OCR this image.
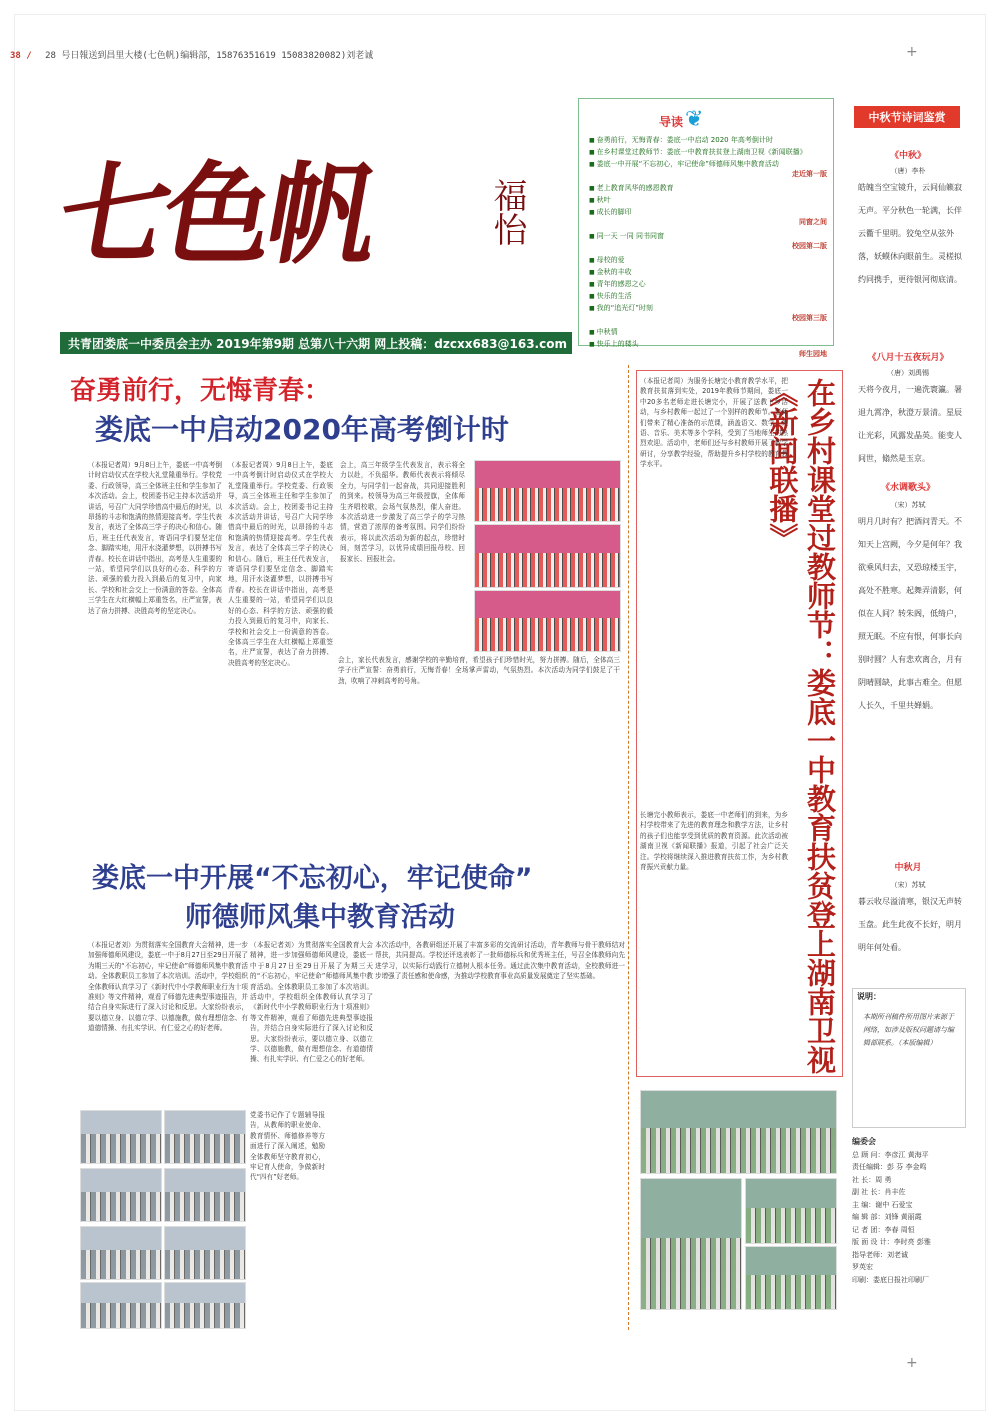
38 / 28 号日報送到昌里大楼(七色帆)编辑部，15876351619 15083820082)刘老诚	+
+
七色帆	福怡
共青团娄底一中委员会主办 2019年第9期 总第八十六期 网上投稿：dzcxx683@163.com
导读❦
■ 奋勇前行，无悔青春：娄底一中启动 2020 年高考倒计时
■ 在乡村课堂过教师节：娄底一中教育扶贫登上湖南卫视《新闻联播》
■ 娄底一中开展“不忘初心，牢记使命”师德师风集中教育活动
走近第一版
■ 老上教育风华的感恩教育
■ 秋叶
■ 成长的脚印
同窗之间
■ 同一天 一同 同书同窗
校园第二版
■ 母校的爱
■ 金秋的丰收
■ 青年的感恩之心
■ 快乐的生活
■ 我的“追光灯”时刻
校园第三版
■ 中秋情
■ 快乐上的楼头
师生园地
中秋节诗词鉴赏
《中秋》
（唐）李朴
皓魄当空宝镜升，云间仙籁寂无声。平分秋色一轮满，长伴云衢千里明。狡兔空从弦外落，妖蟆休向眼前生。灵槎拟约同携手，更待银河彻底清。
《八月十五夜玩月》
（唐）刘禹锡
天将今夜月，一遍洗寰瀛。暑退九霄净，秋澄万景清。星辰让光彩，风露发晶英。能变人间世，翛然是玉京。
《水调歌头》
（宋）苏轼
明月几时有？把酒问青天。不知天上宫阙，今夕是何年？我欲乘风归去，又恐琼楼玉宇，高处不胜寒。起舞弄清影，何似在人间？转朱阁，低绮户，照无眠。不应有恨，何事长向别时圆？人有悲欢离合，月有阴晴圆缺，此事古难全。但愿人长久，千里共婵娟。
中秋月
（宋）苏轼
暮云收尽溢清寒，银汉无声转玉盘。此生此夜不长好，明月明年何处看。
说明：
本期所刊稿件所用图片来源于网络，如涉及版权问题请与编辑部联系。（本版编辑）
编委会
总 顾 问：李彦江 黄海平
责任编辑：彭 芬 李金鸣
社 长：周 勇
副 社 长：肖丰佐
主 编：谢中 石爱宝
编 辑 部：刘锋 黄丽霞
记 者 团：李春 周恒
版 面 设 计：李时亮 彭雅
指导老师：刘老诚
罗英宏
印刷：娄底日报社印刷厂
奋勇前行，无悔青春：
娄底一中启动2020年高考倒计时
（本报记者周）9月8日上午，娄底一中高考倒计时启动仪式在学校大礼堂隆重举行。学校党委、行政领导，高三全体班主任和学生参加了本次活动。会上，校团委书记主持本次活动并讲话，号召广大同学珍惜高中最后的时光，以昂扬的斗志和饱满的热情迎接高考。学生代表发言，表达了全体高三学子的决心和信心。随后，班主任代表发言，寄语同学们要坚定信念、脚踏实地，用汗水浇灌梦想，以拼搏书写青春。校长在讲话中指出，高考是人生重要的一站，希望同学们以良好的心态、科学的方法、顽强的毅力投入到最后的复习中，向家长、学校和社会交上一份满意的答卷。全体高三学生在大红横幅上郑重签名，庄严宣誓，表达了奋力拼搏、决胜高考的坚定决心。
（本报记者周）9月8日上午，娄底一中高考倒计时启动仪式在学校大礼堂隆重举行。学校党委、行政领导，高三全体班主任和学生参加了本次活动。会上，校团委书记主持本次活动并讲话，号召广大同学珍惜高中最后的时光，以昂扬的斗志和饱满的热情迎接高考。学生代表发言，表达了全体高三学子的决心和信心。随后，班主任代表发言，寄语同学们要坚定信念、脚踏实地，用汗水浇灌梦想，以拼搏书写青春。校长在讲话中指出，高考是人生重要的一站，希望同学们以良好的心态、科学的方法、顽强的毅力投入到最后的复习中，向家长、学校和社会交上一份满意的答卷。全体高三学生在大红横幅上郑重签名，庄严宣誓，表达了奋力拼搏、决胜高考的坚定决心。
会上，高三年级学生代表发言，表示将全力以赴，不负韶华。教师代表表示将倾尽全力，与同学们一起奋战，共同迎接胜利的到来。校领导为高三年级授旗，全体师生齐唱校歌，会场气氛热烈，催人奋进。本次活动进一步激发了高三学子的学习热情，营造了浓厚的备考氛围。同学们纷纷表示，将以此次活动为新的起点，珍惜时间，刻苦学习，以优异成绩回报母校、回报家长、回报社会。
会上，家长代表发言，感谢学校的辛勤培育，希望孩子们珍惜时光，努力拼搏。随后，全体高三学子庄严宣誓：奋勇前行，无悔青春！全场掌声雷动，气氛热烈。本次活动为同学们鼓足了干劲，吹响了冲刺高考的号角。
娄底一中开展“不忘初心，牢记使命”
师德师风集中教育活动
（本报记者刘）为贯彻落实全国教育大会精神，进一步加强师德师风建设，娄底一中于8月27日至29日开展了为期三天的“不忘初心，牢记使命”师德师风集中教育活动。全体教职员工参加了本次培训。活动中，学校组织全体教师认真学习了《新时代中小学教师职业行为十项准则》等文件精神，观看了师德先进典型事迹报告，并结合自身实际进行了深入讨论和反思。大家纷纷表示，要以德立身、以德立学、以德施教，做有理想信念、有道德情操、有扎实学识、有仁爱之心的好老师。
党委书记作了专题辅导报告，从教师的职业使命、教育情怀、师德修养等方面进行了深入阐述，勉励全体教师坚守教育初心，牢记育人使命，争做新时代“四有”好老师。
（本报记者刘）为贯彻落实全国教育大会精神，进一步加强师德师风建设，娄底一中于8月27日至29日开展了为期三天的“不忘初心，牢记使命”师德师风集中教育活动。全体教职员工参加了本次培训。活动中，学校组织全体教师认真学习了《新时代中小学教师职业行为十项准则》等文件精神，观看了师德先进典型事迹报告，并结合自身实际进行了深入讨论和反思。大家纷纷表示，要以德立身、以德立学、以德施教，做有理想信念、有道德情操、有扎实学识、有仁爱之心的好老师。
本次活动中，各教研组还开展了丰富多彩的交流研讨活动，青年教师与骨干教师结对帮扶，共同提高。学校还评选表彰了一批师德标兵和优秀班主任，号召全体教师向先进学习，以实际行动践行立德树人根本任务。通过此次集中教育活动，全校教师进一步增强了责任感和使命感，为推动学校教育事业高质量发展奠定了坚实基础。	在乡村课堂过教师节：娄底一中教育扶贫登上湖南卫视《新闻联播》
（本报记者周）为服务长塘完小教育教学水平，把教育扶贫落到实处，2019年教师节期间，娄底一中20多名老师走进长塘完小，开展了送教下乡活动，与乡村教师一起过了一个别样的教师节。老师们带来了精心准备的示范课，涵盖语文、数学、英语、音乐、美术等多个学科，受到了当地师生的热烈欢迎。活动中，老师们还与乡村教师开展了教学研讨，分享教学经验，帮助提升乡村学校的教育教学水平。
长塘完小教师表示，娄底一中老师们的到来，为乡村学校带来了先进的教育理念和教学方法，让乡村的孩子们也能享受到优质的教育资源。此次活动被湖南卫视《新闻联播》报道，引起了社会广泛关注。学校将继续深入推进教育扶贫工作，为乡村教育振兴贡献力量。
